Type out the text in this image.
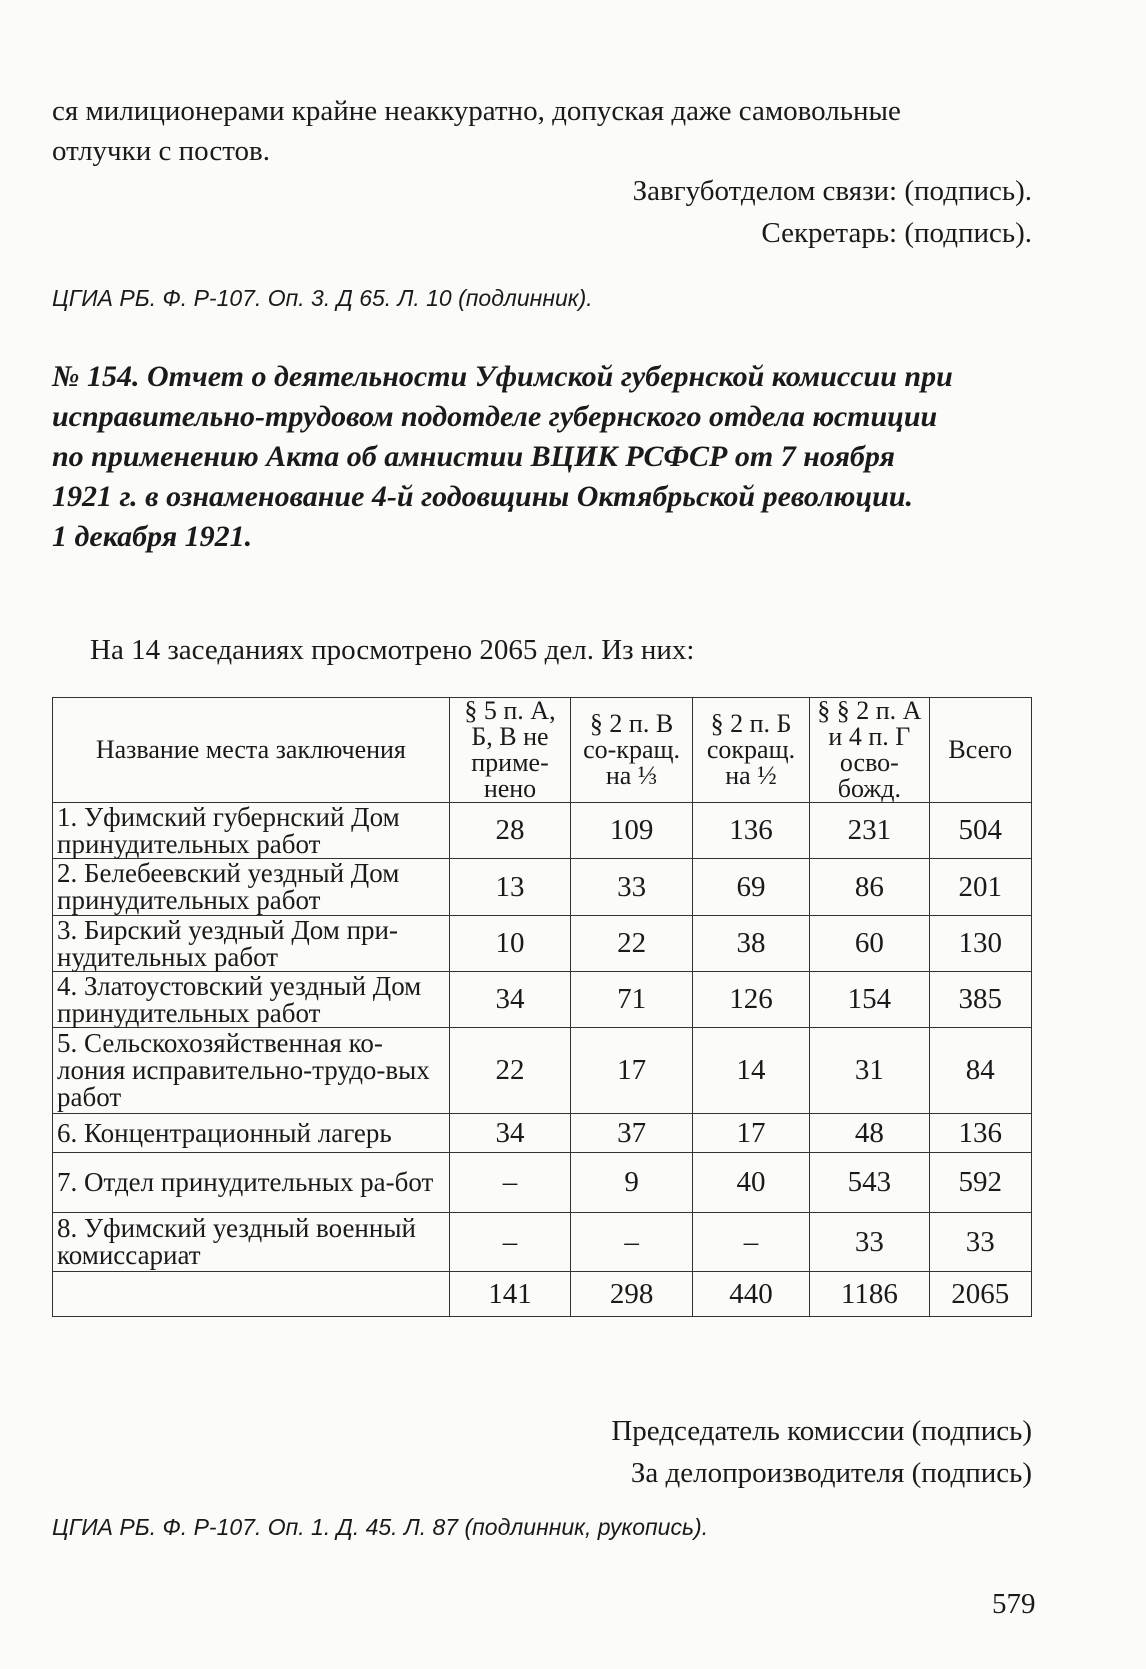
ся милиционерами крайне неаккуратно, допуская даже самовольные
отлучки с постов.
Завгуботделом связи: (подпись).
Секретарь: (подпись).
ЦГИА РБ. Ф. Р-107. Оп. 3. Д 65. Л. 10 (подлинник).
№ 154. Отчет о деятельности Уфимской губернской комиссии при
исправительно-трудовом подотделе губернского отдела юстиции
по применению Акта об амнистии ВЦИК РСФСР от 7 ноября
1921 г. в ознаменование 4-й годовщины Октябрьской революции.
1 декабря 1921.
На 14 заседаниях просмотрено 2065 дел. Из них:
Название места заключения	§ 5 п. А, Б, В не приме-нено	§ 2 п. В со-кращ. на ⅓	§ 2 п. Б сокращ. на ½	§ § 2 п. А и 4 п. Г осво-божд.	Всего
1. Уфимский губернский Дом принудительных работ	28	109	136	231	504
2. Белебеевский уездный Дом принудительных работ	13	33	69	86	201
3. Бирский уездный Дом при-нудительных работ	10	22	38	60	130
4. Златоустовский уездный Дом принудительных работ	34	71	126	154	385
5. Сельскохозяйственная ко-лония исправительно-трудо-вых работ	22	17	14	31	84
6. Концентрационный лагерь	34	37	17	48	136
7. Отдел принудительных ра-бот	–	9	40	543	592
8. Уфимский уездный военный комиссариат	–	–	–	33	33
	141	298	440	1186	2065
Председатель комиссии (подпись)
За делопроизводителя (подпись)
ЦГИА РБ. Ф. Р-107. Оп. 1. Д. 45. Л. 87 (подлинник, рукопись).
579
